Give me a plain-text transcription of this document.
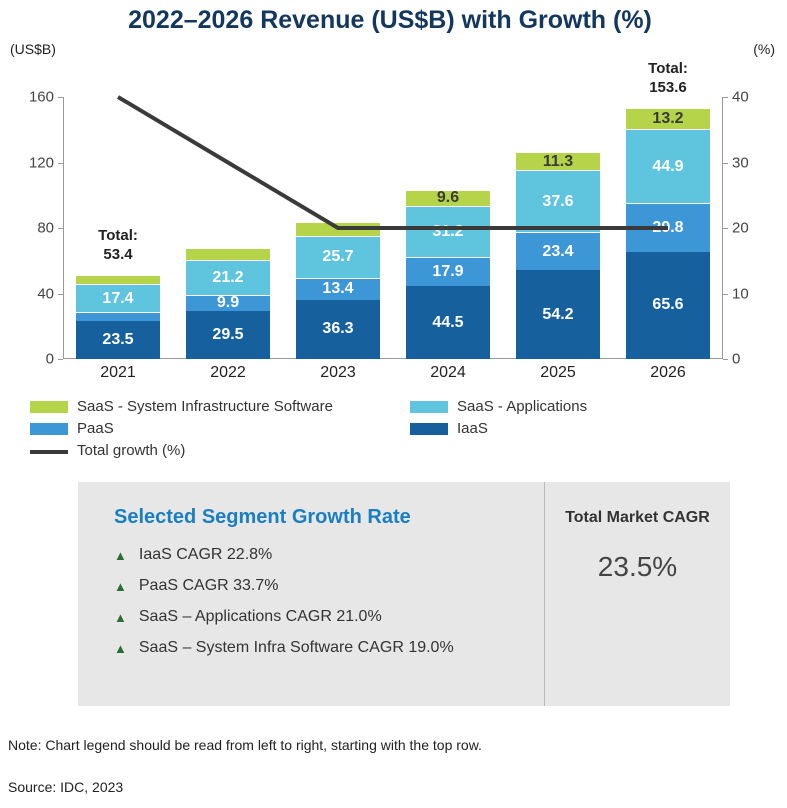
2022–2026 Revenue (US$B) with Growth (%)
(US$B)	(%)
23.5
17.4
Total:
53.4
29.5
9.9
21.2
36.3
13.4
25.7
44.5
17.9
31.2
9.6
54.2
23.4
37.6
11.3
65.6
29.8
44.9
13.2
Total:
153.6
0
40
80
120
160
0
10
20
30
40
2021	2022	2023	2024	2025	2026
SaaS - System Infrastructure Software	SaaS - Applications
PaaS	IaaS
Total growth (%)
Selected Segment Growth Rate
▲ IaaS CAGR 22.8%
▲ PaaS CAGR 33.7%
▲ SaaS – Applications CAGR 21.0%
▲ SaaS – System Infra Software CAGR 19.0%
Total Market CAGR
23.5%
Note: Chart legend should be read from left to right, starting with the top row.
Source: IDC, 2023
